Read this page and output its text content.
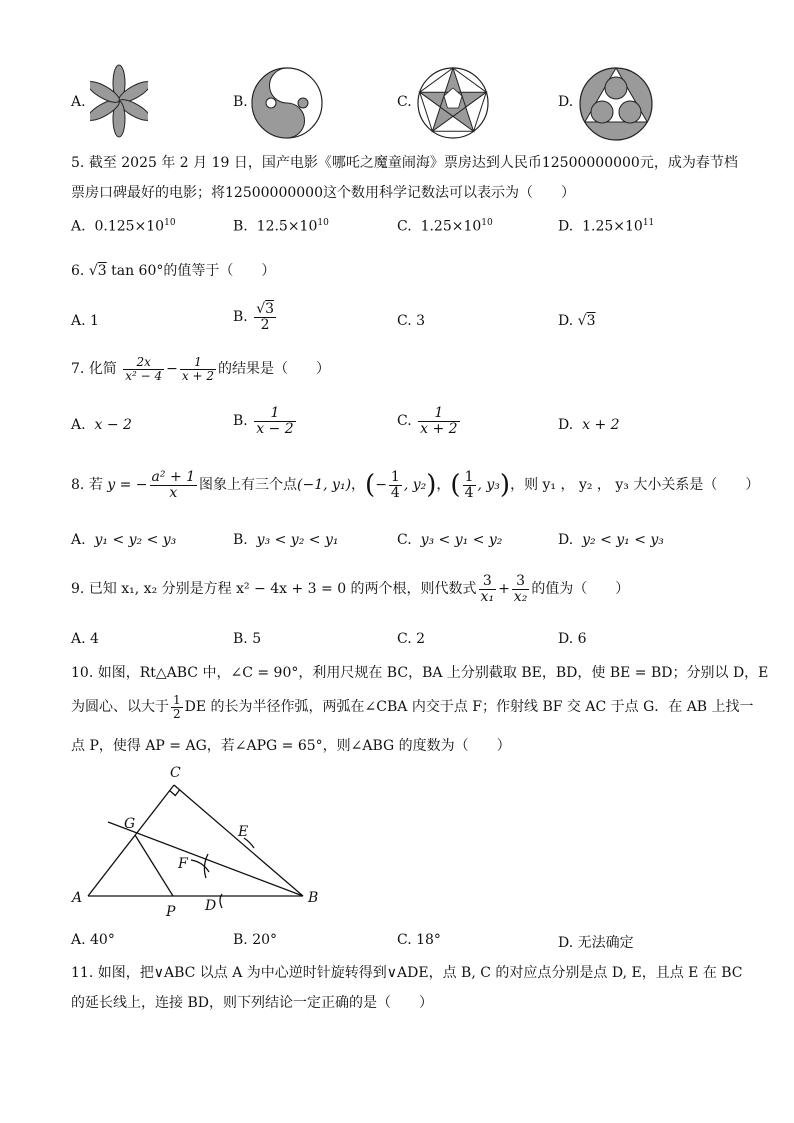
A.	B.	C.	D.
5. 截至 2025 年 2 月 19 日，国产电影《哪吒之魔童闹海》票房达到人民币12500000000元，成为春节档
票房口碑最好的电影；将12500000000这个数用科学记数法可以表示为（　　）
A. $0.125\times 10^{10}$	B. $12.5\times 10^{10}$	C. $1.25\times 10^{10}$	D. $1.25\times 10^{11}$
6. √3 tan 60°的值等于（　　）
A. 1	B. $\frac{√3}{2}$	C. 3	D. √3
7. 化简 $\frac{2x}{\text{x² − 4}} - \frac{1}{x + 2}$ 的结果是（　　）
A. x − 2	B. $\frac{1}{x - 2}$	C. $\frac{1}{x + 2}$	D. x + 2
8. 若 y = − $\frac{\text{a² + 1}}{x}$ 图象上有三个点(−1, y₁)，(− $\frac{1}{4}$ , y₂)，( $\frac{1}{4}$ , y₃)，则 y₁ ， y₂ ， y₃ 大小关系是（　　）
A. y₁ < y₂ < y₃	B. y₃ < y₂ < y₁	C. y₃ < y₁ < y₂	D. y₂ < y₁ < y₃
9. 已知 x₁, x₂ 分别是方程 x² − 4x + 3 = 0 的两个根，则代数式 $\frac{3}{\text{x₁}} + \frac{3}{\text{x₂}}$ 的值为（　　）
A. 4	B. 5	C. 2	D. 6
10. 如图，Rt△ABC 中，∠C = 90°，利用尺规在 BC，BA 上分别截取 BE，BD，使 BE = BD；分别以 D，E
为圆心、以大于 $\frac{1}{2}$ DE 的长为半径作弧，两弧在∠CBA 内交于点 F；作射线 BF 交 AC 于点 G．在 AB 上找一
点 P，使得 AP = AG，若∠APG = 65°，则∠ABG 的度数为（　　）
A	B
C
D
E
F
G
P
A. 40°	B. 20°	C. 18°	D. 无法确定
11. 如图，把∨ABC 以点 A 为中心逆时针旋转得到∨ADE，点 B, C 的对应点分别是点 D, E，且点 E 在 BC
的延长线上，连接 BD，则下列结论一定正确的是（　　）
